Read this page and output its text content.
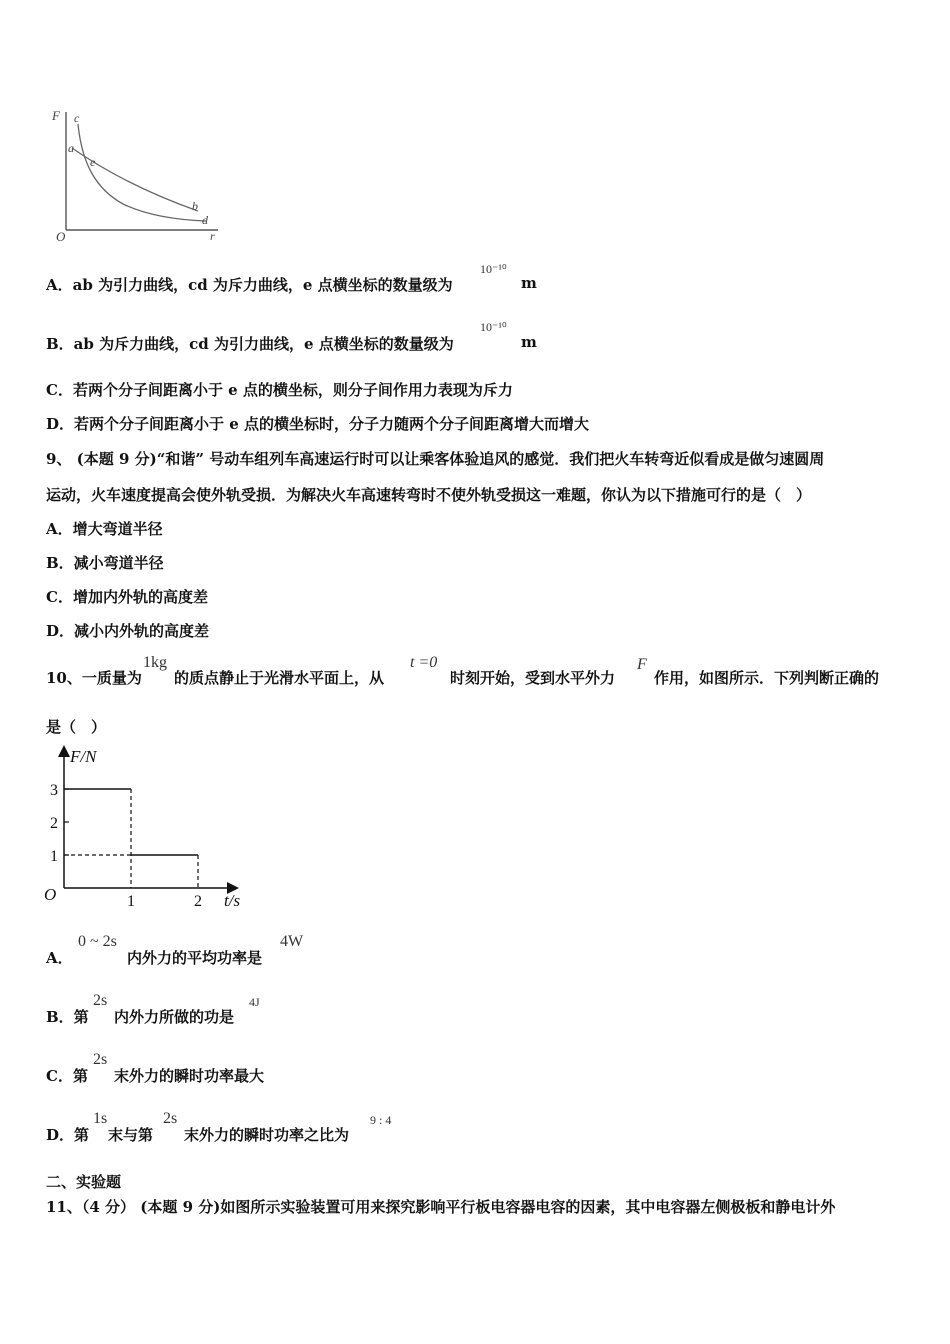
F
r
O
c
a
e
b
d
A．ab 为引力曲线，cd 为斥力曲线，e 点横坐标的数量级为
10⁻¹⁰
m
B．ab 为斥力曲线，cd 为引力曲线，e 点横坐标的数量级为
10⁻¹⁰
m
C．若两个分子间距离小于 e 点的横坐标，则分子间作用力表现为斥力
D．若两个分子间距离小于 e 点的横坐标时，分子力随两个分子间距离增大而增大
9、 (本题 9 分)“和谐” 号动车组列车高速运行时可以让乘客体验追风的感觉．我们把火车转弯近似看成是做匀速圆周
运动，火车速度提高会使外轨受损．为解决火车高速转弯时不使外轨受损这一难题，你认为以下措施可行的是（　）
A．增大弯道半径
B．减小弯道半径
C．增加内外轨的高度差
D．减小内外轨的高度差
10、一质量为
1kg
的质点静止于光滑水平面上，从
t =0
时刻开始，受到水平外力
F
作用，如图所示．下列判断正确的
是（　）
F/N
t/s
O
3
2
1
1	2
A．
0 ~ 2s
内外力的平均功率是
4W
B．第
2s
内外力所做的功是
4J
C．第
2s
末外力的瞬时功率最大
D．第
1s
末与第
2s
末外力的瞬时功率之比为
9 : 4
二、实验题
11、（4 分） (本题 9 分)如图所示实验装置可用来探究影响平行板电容器电容的因素，其中电容器左侧极板和静电计外
